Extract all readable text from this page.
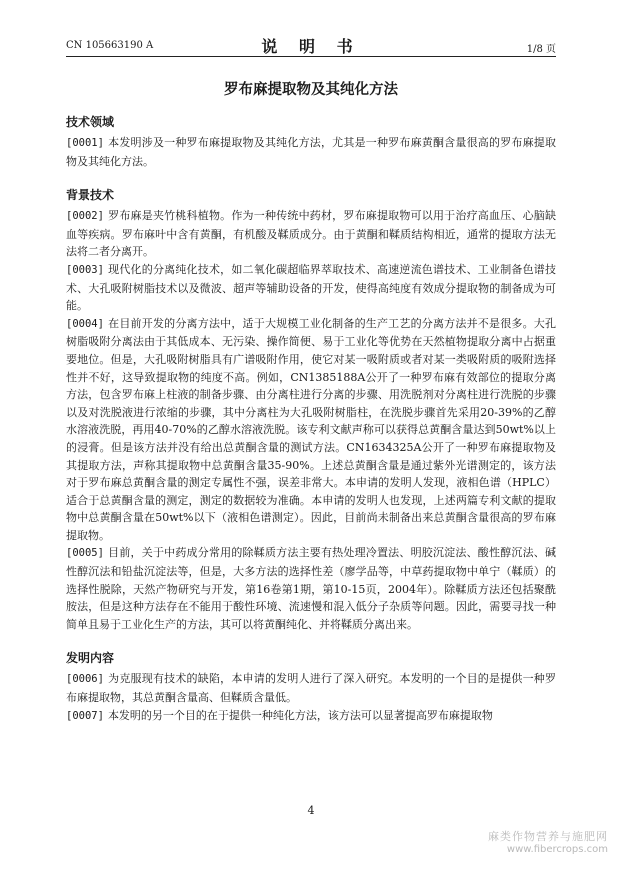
CN 105663190 A	说 明 书	1/8 页
罗布麻提取物及其纯化方法
技术领域

[0001] 本发明涉及一种罗布麻提取物及其纯化方法，尤其是一种罗布麻黄酮含量很高的罗布麻提取物及其纯化方法。

背景技术

[0002] 罗布麻是夹竹桃科植物。作为一种传统中药材，罗布麻提取物可以用于治疗高血压、心脑缺血等疾病。罗布麻叶中含有黄酮，有机酸及鞣质成分。由于黄酮和鞣质结构相近，通常的提取方法无法将二者分离开。

[0003] 现代化的分离纯化技术，如二氧化碳超临界萃取技术、高速逆流色谱技术、工业制备色谱技术、大孔吸附树脂技术以及微波、超声等辅助设备的开发，使得高纯度有效成分提取物的制备成为可能。

[0004] 在目前开发的分离方法中，适于大规模工业化制备的生产工艺的分离方法并不是很多。大孔树脂吸附分离法由于其低成本、无污染、操作简便、易于工业化等优势在天然植物提取分离中占据重要地位。但是，大孔吸附树脂具有广谱吸附作用，使它对某一吸附质或者对某一类吸附质的吸附选择性并不好，这导致提取物的纯度不高。例如，CN1385188A公开了一种罗布麻有效部位的提取分离方法，包含罗布麻上柱液的制备步骤、由分离柱进行分离的步骤、用洗脱剂对分离柱进行洗脱的步骤以及对洗脱液进行浓缩的步骤，其中分离柱为大孔吸附树脂柱，在洗脱步骤首先采用20-39%的乙醇水溶液洗脱，再用40-70%的乙醇水溶液洗脱。该专利文献声称可以获得总黄酮含量达到50wt%以上的浸膏。但是该方法并没有给出总黄酮含量的测试方法。CN1634325A公开了一种罗布麻提取物及其提取方法，声称其提取物中总黄酮含量35-90%。上述总黄酮含量是通过紫外光谱测定的，该方法对于罗布麻总黄酮含量的测定专属性不强，误差非常大。本申请的发明人发现，液相色谱（HPLC）适合于总黄酮含量的测定，测定的数据较为准确。本申请的发明人也发现，上述两篇专利文献的提取物中总黄酮含量在50wt%以下（液相色谱测定）。因此，目前尚未制备出来总黄酮含量很高的罗布麻提取物。

[0005] 目前，关于中药成分常用的除鞣质方法主要有热处理冷置法、明胶沉淀法、酸性醇沉法、碱性醇沉法和铅盐沉淀法等，但是，大多方法的选择性差（廖学品等，中草药提取物中单宁（鞣质）的选择性脱除，天然产物研究与开发，第16卷第1期，第10-15页，2004年）。除鞣质方法还包括聚酰胺法，但是这种方法存在不能用于酸性环境、流速慢和混入低分子杂质等问题。因此，需要寻找一种简单且易于工业化生产的方法，其可以将黄酮纯化、并将鞣质分离出来。

发明内容

[0006] 为克服现有技术的缺陷，本申请的发明人进行了深入研究。本发明的一个目的是提供一种罗布麻提取物，其总黄酮含量高、但鞣质含量低。

[0007] 本发明的另一个目的在于提供一种纯化方法，该方法可以显著提高罗布麻提取物

4
麻类作物营养与施肥网
www.fibercrops.com
